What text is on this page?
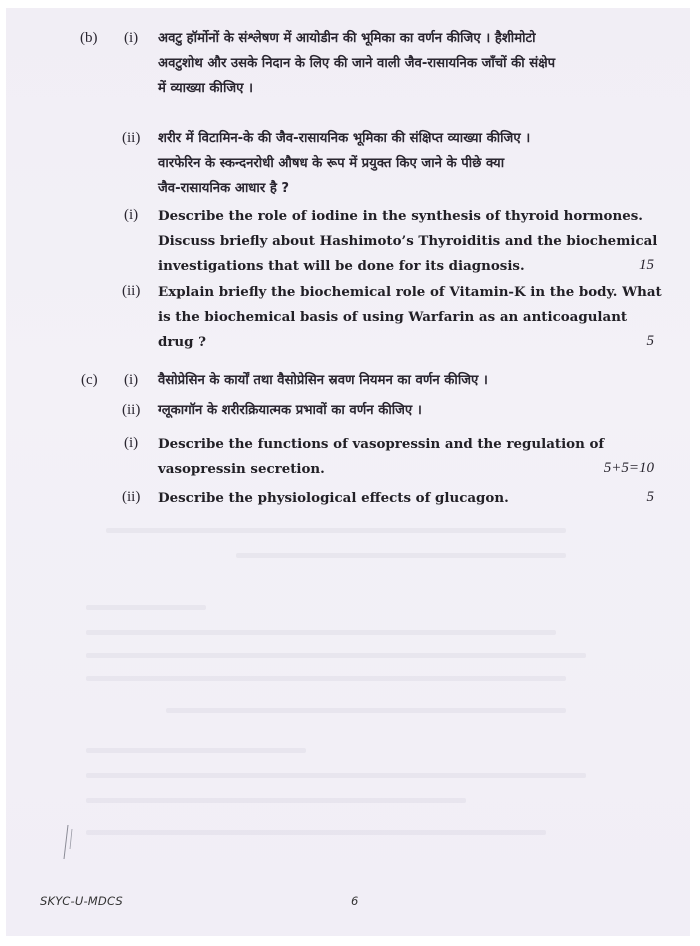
(b) (i) अवटु हॉर्मोनों के संश्लेषण में आयोडीन की भूमिका का वर्णन कीजिए । हैशीमोटो
अवटुशोथ और उसके निदान के लिए की जाने वाली जैव-रासायनिक जाँचों की संक्षेप
में व्याख्या कीजिए ।
(ii) शरीर में विटामिन-के की जैव-रासायनिक भूमिका की संक्षिप्त व्याख्या कीजिए ।
वारफेरिन के स्कन्दनरोधी औषध के रूप में प्रयुक्त किए जाने के पीछे क्या
जैव-रासायनिक आधार है ?
(i) Describe the role of iodine in the synthesis of thyroid hormones.
Discuss briefly about Hashimoto’s Thyroiditis and the biochemical
investigations that will be done for its diagnosis.	15
(ii) Explain briefly the biochemical role of Vitamin-K in the body. What
is the biochemical basis of using Warfarin as an anticoagulant
drug ?	5
(c) (i) वैसोप्रेसिन के कार्यों तथा वैसोप्रेसिन स्रवण नियमन का वर्णन कीजिए ।
(ii) ग्लूकागॉन के शरीरक्रियात्मक प्रभावों का वर्णन कीजिए ।
(i) Describe the functions of vasopressin and the regulation of
vasopressin secretion.	5+5=10
(ii) Describe the physiological effects of glucagon.	5
SKYC-U-MDCS	6
